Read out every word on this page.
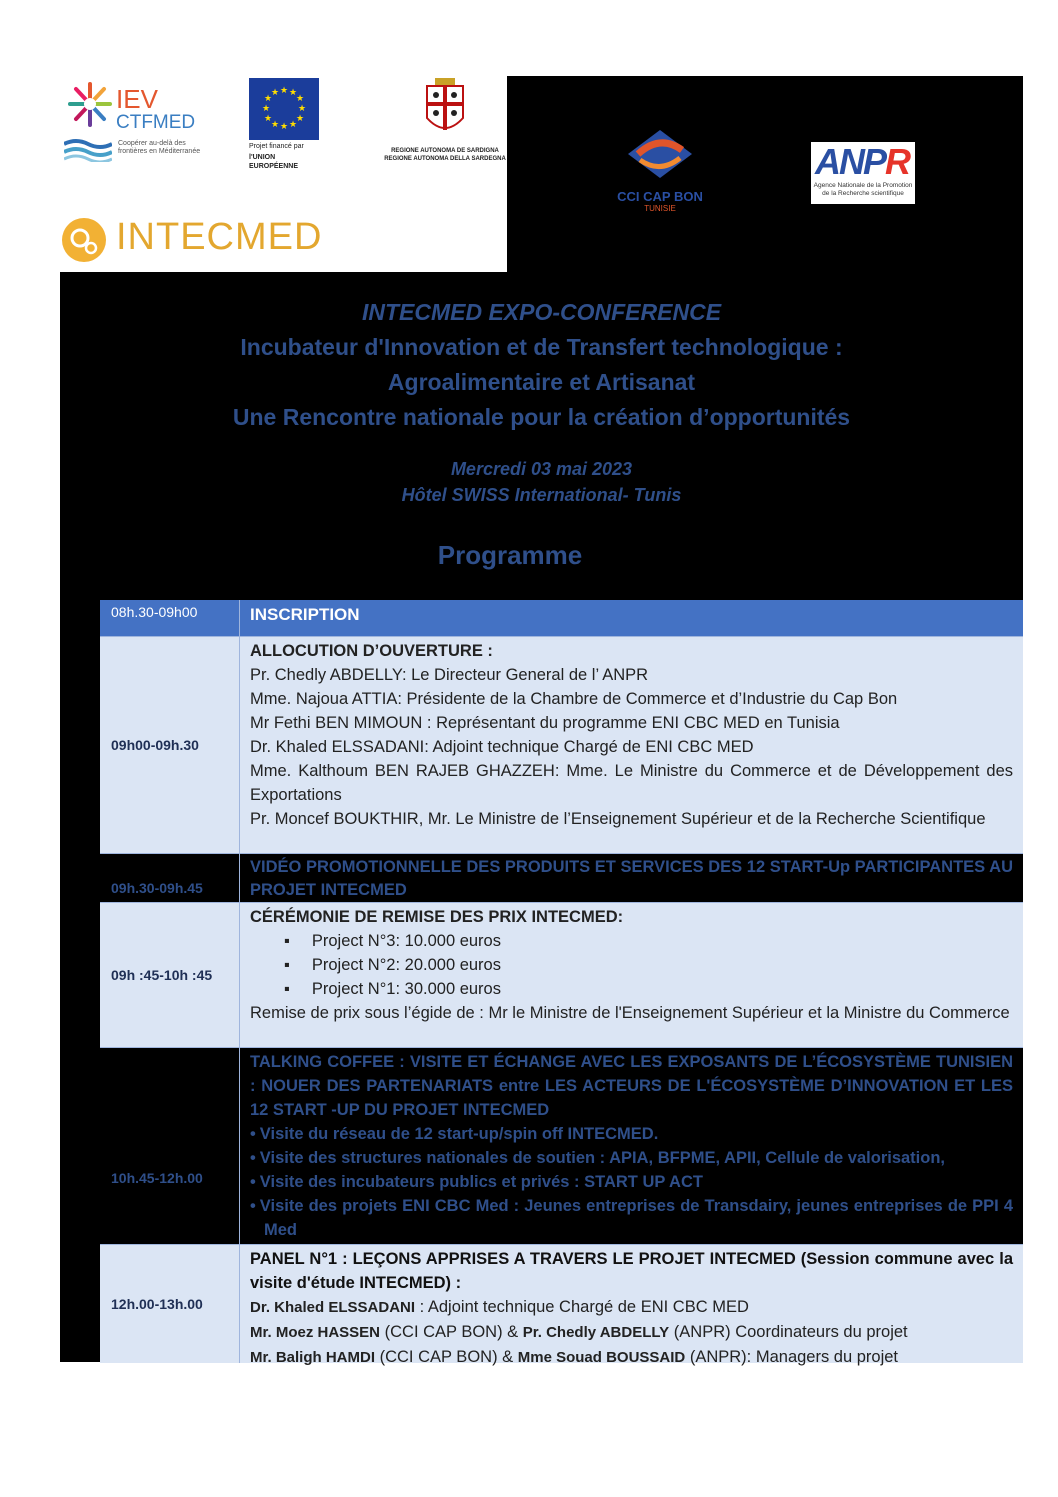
IEV
CTFMED
Coopérer au-delà des frontières en Méditerranée
★ ★
★
★
★
★
★
★
★
★
★
★
Projet financé par
l'UNION EUROPÉENNE
REGIONE AUTONOMA DE SARDIGNA
REGIONE AUTONOMA DELLA SARDEGNA
INTECMED
CCI CAP BON
TUNISIE
ANPR
Agence Nationale de la Promotion de la Recherche scientifique
INTECMED EXPO-CONFERENCE
Incubateur d'Innovation et de Transfert technologique :
Agroalimentaire et Artisanat
Une Rencontre nationale pour la création d’opportunités
Mercredi 03 mai 2023
Hôtel SWISS International- Tunis
Programme
08h.30-09h00	INSCRIPTION
09h00-09h.30
ALLOCUTION D’OUVERTURE :
Pr. Chedly ABDELLY: Le Directeur General de l’ ANPR
Mme. Najoua ATTIA: Présidente de la Chambre de Commerce et d’Industrie du Cap Bon
Mr Fethi BEN MIMOUN : Représentant du programme ENI CBC MED en Tunisia
Dr. Khaled ELSSADANI: Adjoint technique Chargé de ENI CBC MED
Mme. Kalthoum BEN RAJEB GHAZZEH: Mme. Le Ministre du Commerce et de Développement des Exportations
Pr. Moncef BOUKTHIR, Mr. Le Ministre de l’Enseignement Supérieur et de la Recherche Scientifique
09h.30-09h.45
VIDÉO PROMOTIONNELLE DES PRODUITS ET SERVICES DES 12 START-Up PARTICIPANTES AU PROJET INTECMED
09h :45-10h :45
CÉRÉMONIE DE REMISE DES PRIX INTECMED:
▪ Project N°3: 10.000 euros
▪ Project N°2: 20.000 euros
▪ Project N°1: 30.000 euros
Remise de prix sous l’égide de : Mr le Ministre de l'Enseignement Supérieur et la Ministre du Commerce
10h.45-12h.00
TALKING COFFEE : VISITE ET ÉCHANGE AVEC LES EXPOSANTS DE L’ÉCOSYSTÈME TUNISIEN : NOUER DES PARTENARIATS entre LES ACTEURS DE L'ÉCOSYSTÈME D’INNOVATION ET LES 12 START -UP DU PROJET INTECMED
• Visite du réseau de 12 start-up/spin off INTECMED.
• Visite des structures nationales de soutien : APIA, BFPME, APII, Cellule de valorisation,
• Visite des incubateurs publics et privés : START UP ACT
• Visite des projets ENI CBC Med : Jeunes entreprises de Transdairy, jeunes entreprises de PPI 4 Med
12h.00-13h.00
PANEL N°1 : LEÇONS APPRISES A TRAVERS LE PROJET INTECMED (Session commune avec la visite d'étude INTECMED) :
Dr. Khaled ELSSADANI : Adjoint technique Chargé de ENI CBC MED
Mr. Moez HASSEN (CCI CAP BON) & Pr. Chedly ABDELLY (ANPR) Coordinateurs du projet
Mr. Baligh HAMDI (CCI CAP BON) & Mme Souad BOUSSAID (ANPR): Managers du projet
